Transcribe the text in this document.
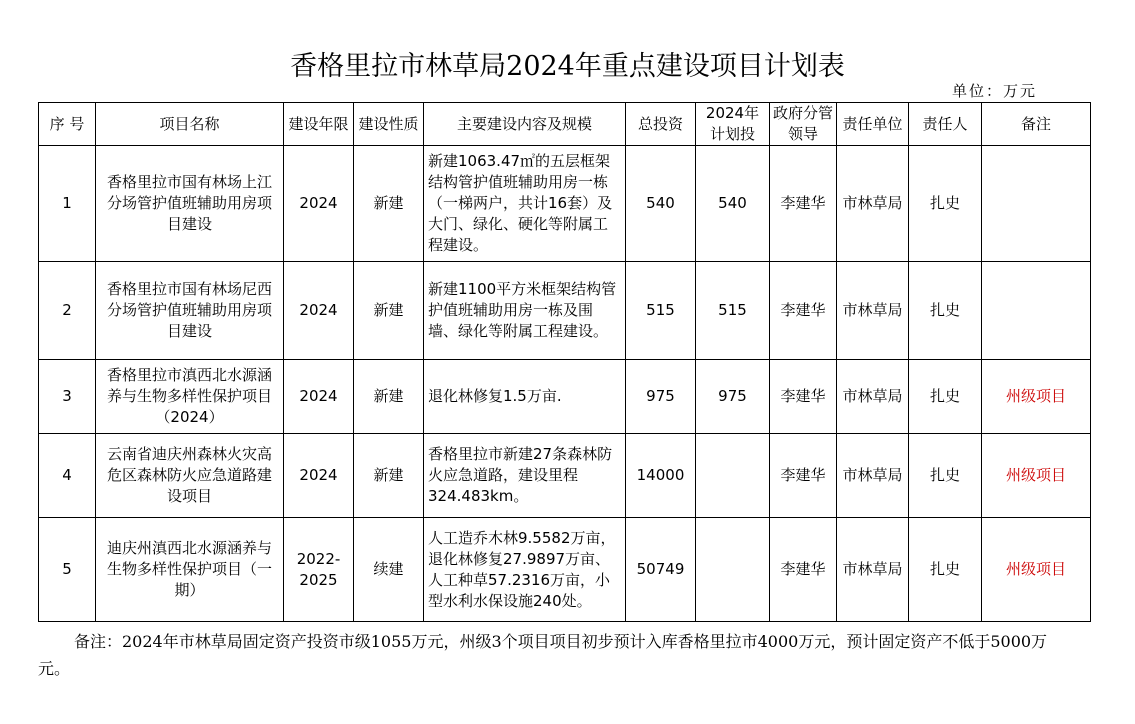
香格里拉市林草局2024年重点建设项目计划表
单位：万元
序 号	项目名称	建设年限	建设性质	主要建设内容及规模	总投资	2024年计划投	政府分管领导	责任单位	责任人	备注
1	香格里拉市国有林场上江分场管护值班辅助用房项目建设	2024	新建	新建1063.47㎡的五层框架结构管护值班辅助用房一栋（一梯两户，共计16套）及大门、绿化、硬化等附属工程建设。	540	540	李建华	市林草局	扎史	
2	香格里拉市国有林场尼西分场管护值班辅助用房项目建设	2024	新建	新建1100平方米框架结构管护值班辅助用房一栋及围墙、绿化等附属工程建设。	515	515	李建华	市林草局	扎史	
3	香格里拉市滇西北水源涵养与生物多样性保护项目（2024）	2024	新建	退化林修复1.5万亩.	975	975	李建华	市林草局	扎史	州级项目
4	云南省迪庆州森林火灾高危区森林防火应急道路建设项目	2024	新建	香格里拉市新建27条森林防火应急道路，建设里程324.483km。	14000		李建华	市林草局	扎史	州级项目
5	迪庆州滇西北水源涵养与生物多样性保护项目（一期）	2022-2025	续建	人工造乔木林9.5582万亩，退化林修复27.9897万亩、人工种草57.2316万亩，小型水利水保设施240处。	50749		李建华	市林草局	扎史	州级项目
备注：2024年市林草局固定资产投资市级1055万元，州级3个项目项目初步预计入库香格里拉市4000万元，预计固定资产不低于5000万元。
